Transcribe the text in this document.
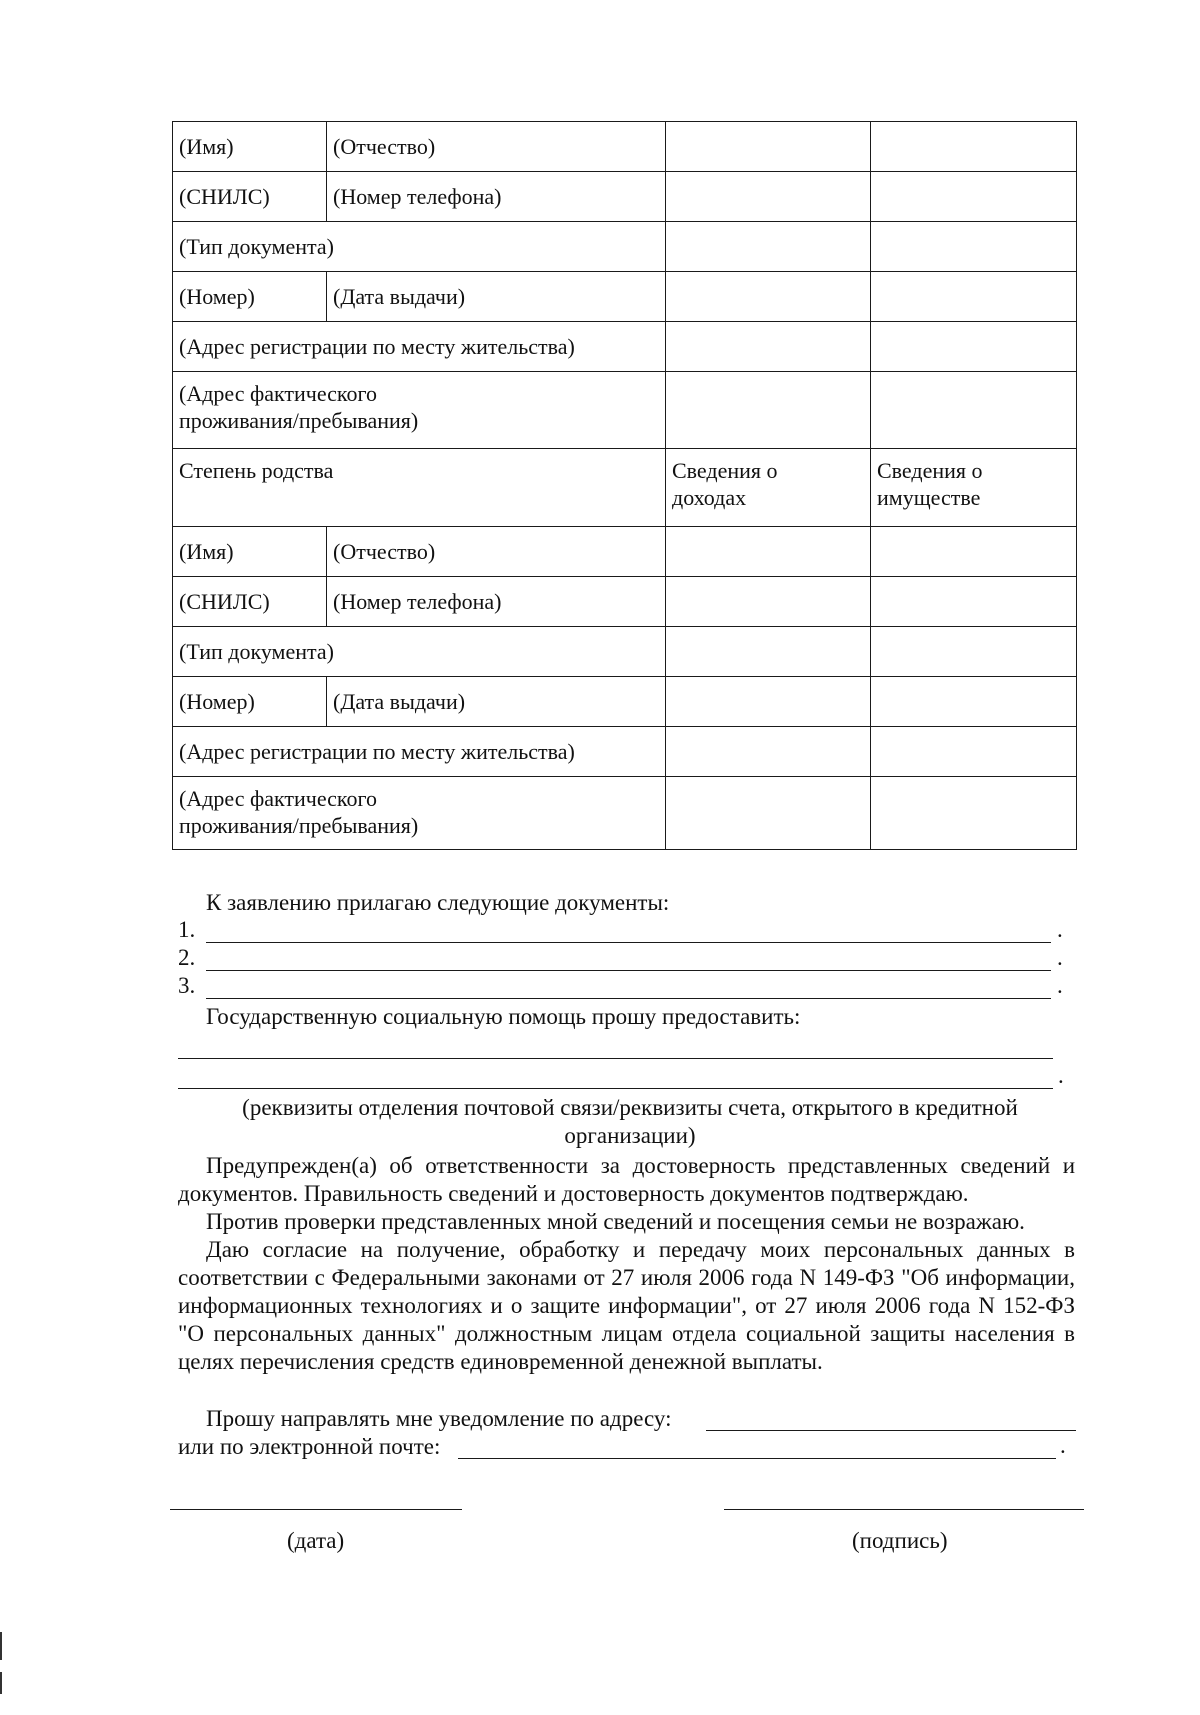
(Имя)	(Отчество)		
(СНИЛС)	(Номер телефона)		
(Тип документа)			
(Номер)	(Дата выдачи)		
(Адрес регистрации по месту жительства)			

(Адрес фактического проживания/пребывания)			

Степень родства		Сведения о доходах	Сведения о имуществе

(Имя)	(Отчество)		
(СНИЛС)	(Номер телефона)		
(Тип документа)			
(Номер)	(Дата выдачи)		
(Адрес регистрации по месту жительства)			

(Адрес фактического проживания/пребывания)			

К заявлению прилагаю следующие документы:
1.	.
2.	.
3.	.
Государственную социальную помощь прошу предоставить:
.
(реквизиты отделения почтовой связи/реквизиты счета, открытого в кредитной организации)
Предупрежден(а) об ответственности за достоверность представленных сведений и документов. Правильность сведений и достоверность документов подтверждаю.
Против проверки представленных мной сведений и посещения семьи не возражаю.
Даю согласие на получение, обработку и передачу моих персональных данных в соответствии с Федеральными законами от 27 июля 2006 года N 149-ФЗ "Об информации, информационных технологиях и о защите информации", от 27 июля 2006 года N 152-ФЗ "О персональных данных" должностным лицам отдела социальной защиты населения в целях перечисления средств единовременной денежной выплаты.
Прошу направлять мне уведомление по адресу:
или по электронной почте:	.
(дата)	(подпись)
